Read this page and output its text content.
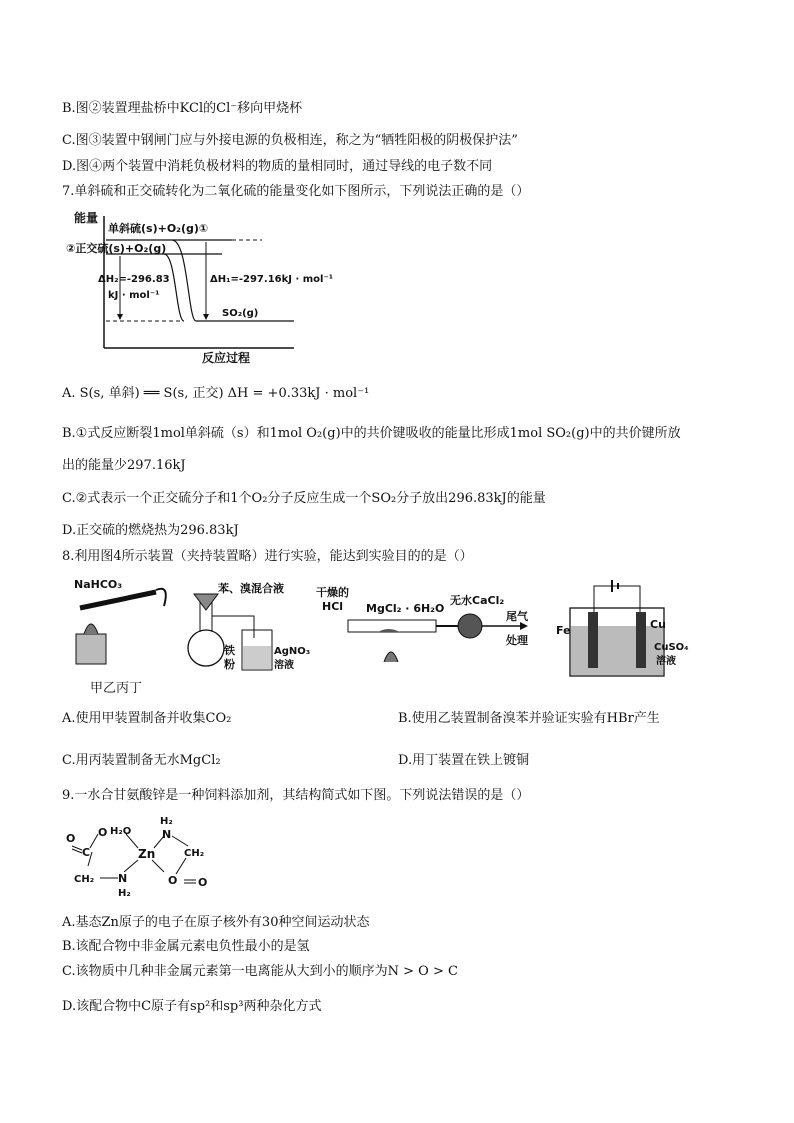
B.图②装置理盐桥中KCl的Cl⁻移向甲烧杯
C.图③装置中钢闸门应与外接电源的负极相连，称之为“牺牲阳极的阴极保护法”
D.图④两个装置中消耗负极材料的物质的量相同时，通过导线的电子数不同
7.单斜硫和正交硫转化为二氧化硫的能量变化如下图所示，下列说法正确的是（）
能量
反应过程
单斜硫(s)+O₂(g)①
②正交硫(s)+O₂(g)
ΔH₂=-296.83
kJ · mol⁻¹
ΔH₁=-297.16kJ · mol⁻¹
SO₂(g)
A. S(s, 单斜) ══ S(s, 正交) ΔH = +0.33kJ · mol⁻¹
B.①式反应断裂1mol单斜硫（s）和1mol O₂(g)中的共价键吸收的能量比形成1mol SO₂(g)中的共价键所放
出的能量少297.16kJ
C.②式表示一个正交硫分子和1个O₂分子反应生成一个SO₂分子放出296.83kJ的能量
D.正交硫的燃烧热为296.83kJ
8.利用图4所示装置（夹持装置略）进行实验，能达到实验目的的是（）
NaHCO₃	苯、溴混合液
铁
粉
AgNO₃
溶液
干燥的
HCl MgCl₂ · 6H₂O
无水CaCl₂
尾气
处理
Fe	Cu
CuSO₄
溶液
甲乙丙丁
A.使用甲装置制备并收集CO₂	B.使用乙装置制备溴苯并验证实验有HBr产生
C.用丙装置制备无水MgCl₂	D.用丁装置在铁上镀铜
9.一水合甘氨酸锌是一种饲料添加剂，其结构简式如下图。下列说法错误的是（）
O
C
O H₂O
Zn
H₂
N
CH₂
O O
CH₂ N
H₂
A.基态Zn原子的电子在原子核外有30种空间运动状态
B.该配合物中非金属元素电负性最小的是氢
C.该物质中几种非金属元素第一电离能从大到小的顺序为N > O > C
D.该配合物中C原子有sp²和sp³两种杂化方式
